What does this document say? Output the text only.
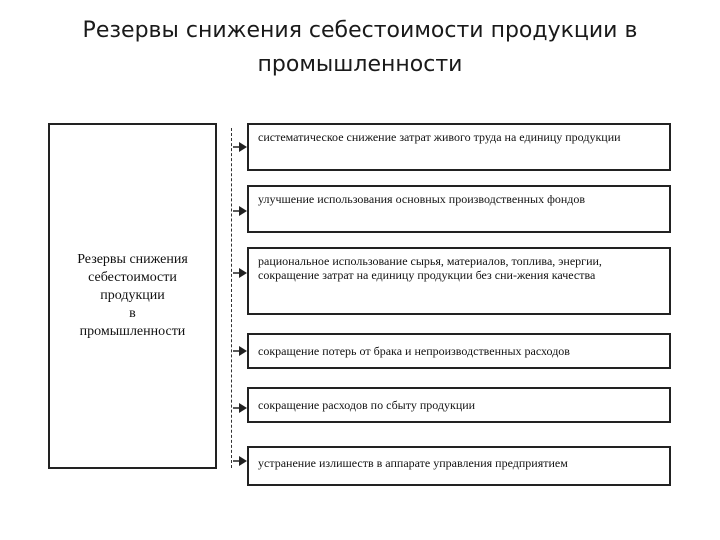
Резервы снижения себестоимости продукции в промышленности
Резервы снижения
себестоимости
продукции
в
промышленности
систематическое снижение затрат живого труда на единицу продукции
улучшение использования основных производственных фондов
рациональное использование сырья, материалов, топлива, энергии, сокращение затрат на единицу продукции без сни-жения качества
сокращение потерь от брака и непроизводственных расходов
сокращение расходов по сбыту продукции
устранение излишеств в аппарате управления предприятием
